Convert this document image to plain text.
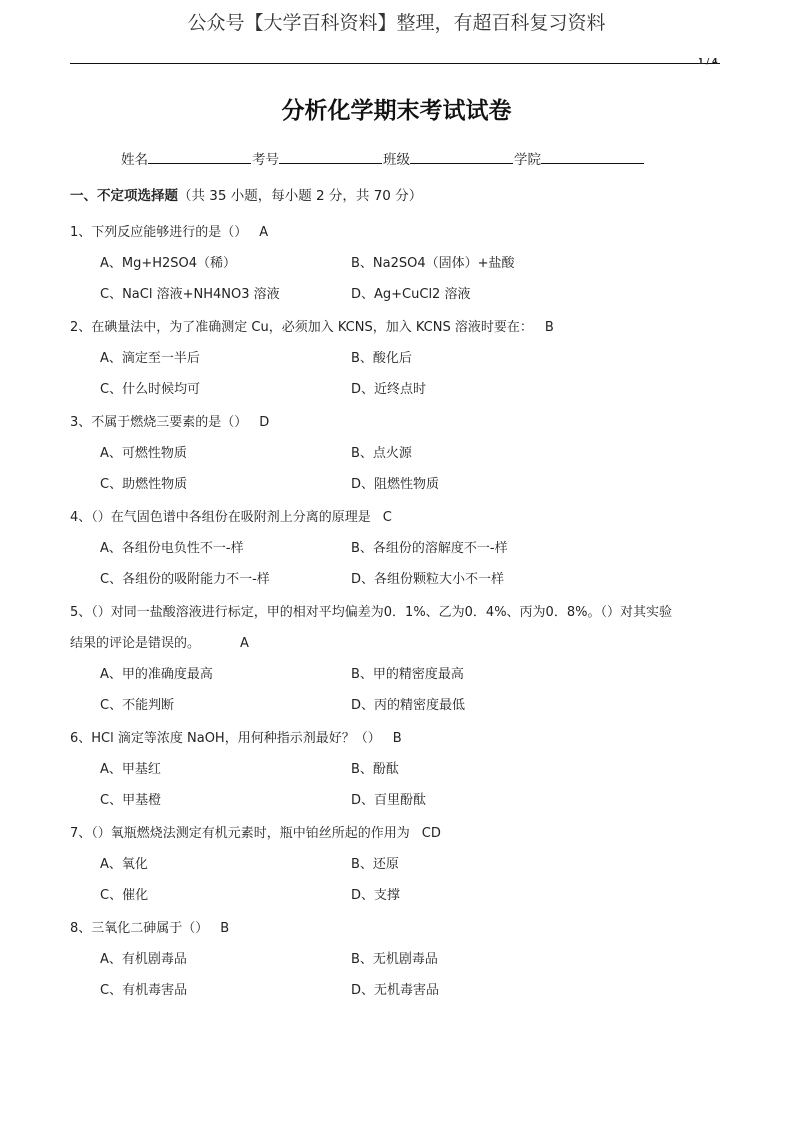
公众号【大学百科资料】整理，有超百科复习资料
1 / 4
分析化学期末考试试卷
姓名	考号	班级	学院
一、不定项选择题（共 35 小题，每小题 2 分，共 70 分）
1、下列反应能够进行的是（） A
A、Mg+H2SO4（稀）	B、Na2SO4（固体）+盐酸
C、NaCl 溶液+NH4NO3 溶液	D、Ag+CuCl2 溶液
2、在碘量法中，为了准确测定 Cu，必须加入 KCNS，加入 KCNS 溶液时要在： B
A、滴定至一半后	B、酸化后
C、什么时候均可	D、近终点时
3、不属于燃烧三要素的是（） D
A、可燃性物质	B、点火源
C、助燃性物质	D、阻燃性物质
4、（）在气固色谱中各组份在吸附剂上分离的原理是 C
A、各组份电负性不一-样	B、各组份的溶解度不一-样
C、各组份的吸附能力不一-样	D、各组份颗粒大小不一样
5、（）对同一盐酸溶液进行标定，甲的相对平均偏差为0．1%、乙为0．4%、丙为0．8%。（）对其实验
结果的评论是错误的。	A
A、甲的准确度最高	B、甲的精密度最高
C、不能判断	D、丙的精密度最低
6、HCl 滴定等浓度 NaOH，用何种指示剂最好？（） B
A、甲基红	B、酚酞
C、甲基橙	D、百里酚酞
7、（）氧瓶燃烧法测定有机元素时，瓶中铂丝所起的作用为 CD
A、氧化	B、还原
C、催化	D、支撑
8、三氧化二砷属于（） B
A、有机剧毒品	B、无机剧毒品
C、有机毒害品	D、无机毒害品
